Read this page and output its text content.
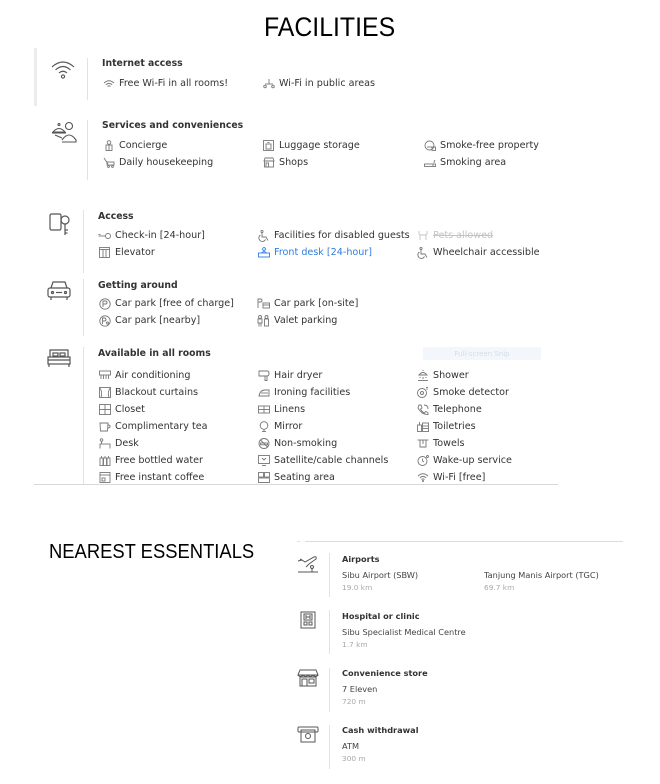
FACILITIES
Internet access
Free Wi-Fi in all rooms!	Wi-Fi in public areas
Services and conveniences
Concierge
Daily housekeeping
Luggage storage
Shops
Smoke-free property
Smoking area
Access
Check-in [24-hour]
Elevator
Facilities for disabled guests
Front desk [24-hour]
Pets allowed
Wheelchair accessible
Getting around
Car park [free of charge]
Car park [nearby]
Car park [on-site]
Valet parking
Available in all rooms	Full-screen Snip
Air conditioning
Blackout curtains
Closet
Complimentary tea
Desk
Free bottled water
Free instant coffee
Hair dryer
Ironing facilities
Linens
Mirror
Non-smoking
Satellite/cable channels
Seating area
Shower
Smoke detector
Telephone
Toiletries
Towels
Wake-up service
Wi-Fi [free]
NEAREST ESSENTIALS	Airports
Sibu Airport (SBW)
19.0 km
Tanjung Manis Airport (TGC)
69.7 km
Hospital or clinic
Sibu Specialist Medical Centre
1.7 km
Convenience store
7 Eleven
720 m
Cash withdrawal
ATM
300 m
